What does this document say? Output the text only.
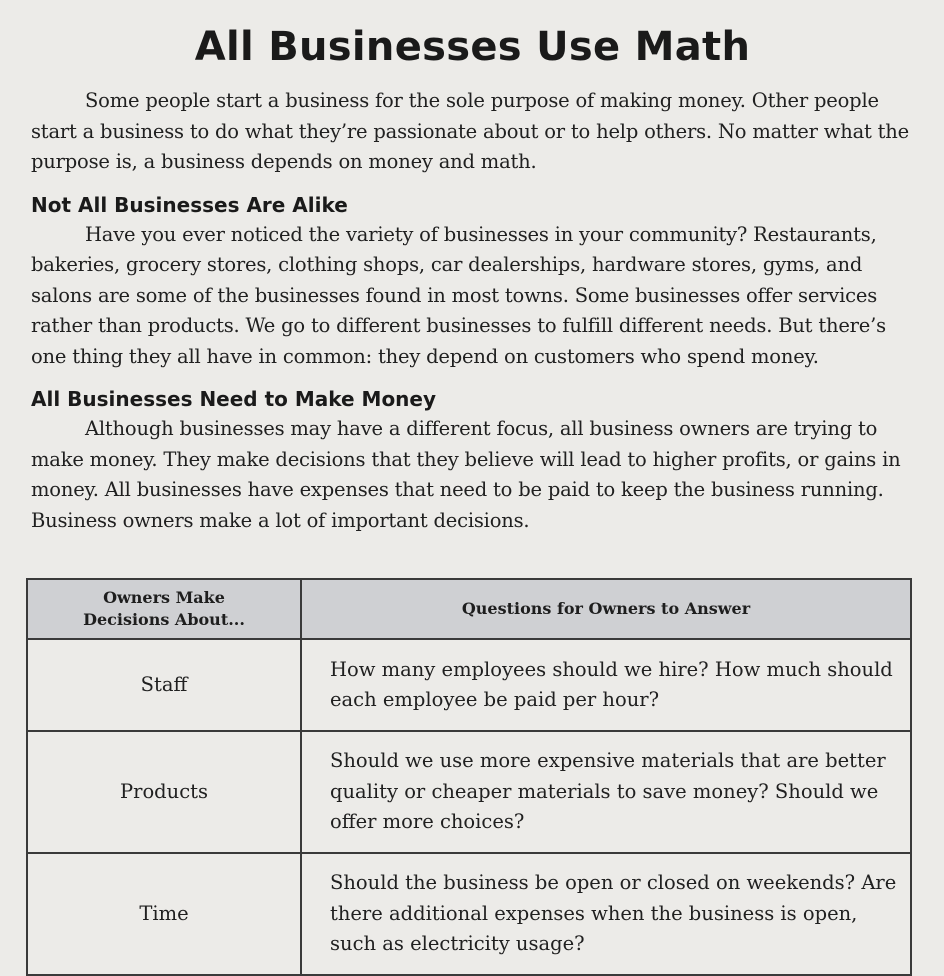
All Businesses Use Math

Some people start a business for the sole purpose of making money. Other people start a business to do what they’re passionate about or to help others. No matter what the purpose is, a business depends on money and math.

Not All Businesses Are Alike

Have you ever noticed the variety of businesses in your community? Restaurants, bakeries, grocery stores, clothing shops, car dealerships, hardware stores, gyms, and salons are some of the businesses found in most towns. Some businesses offer services rather than products. We go to different businesses to fulfill different needs. But there’s one thing they all have in common: they depend on customers who spend money.

All Businesses Need to Make Money

Although businesses may have a different focus, all business owners are trying to make money. They make decisions that they believe will lead to higher profits, or gains in money. All businesses have expenses that need to be paid to keep the business running. Business owners make a lot of important decisions.

Owners Make
Decisions About...	Questions for Owners to Answer
Staff	How many employees should we hire? How much should each employee be paid per hour?
Products	Should we use more expensive materials that are better quality or cheaper materials to save money? Should we offer more choices?
Time	Should the business be open or closed on weekends? Are there additional expenses when the business is open, such as electricity usage?
